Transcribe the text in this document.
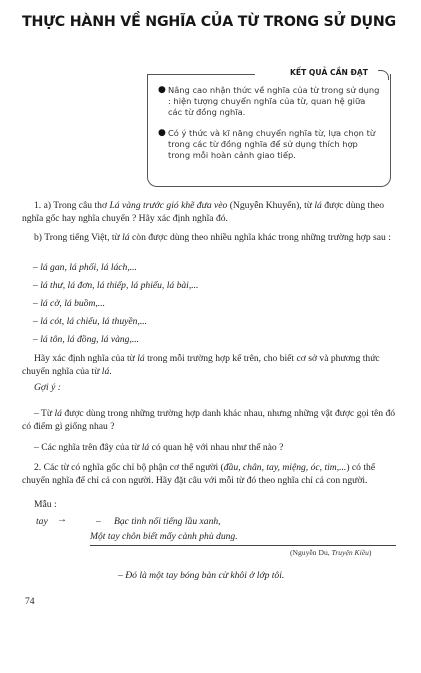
THỰC HÀNH VỀ NGHĨA CỦA TỪ TRONG SỬ DỤNG
KẾT QUẢ CẦN ĐẠT
● Nâng cao nhận thức về nghĩa của từ trong sử dụng : hiện tượng chuyển nghĩa của từ, quan hệ giữa các từ đồng nghĩa.
● Có ý thức và kĩ năng chuyển nghĩa từ, lựa chọn từ trong các từ đồng nghĩa để sử dụng thích hợp trong mỗi hoàn cảnh giao tiếp.
1. a) Trong câu thơ Lá vàng trước gió khẽ đưa vèo (Nguyễn Khuyến), từ lá được dùng theo nghĩa gốc hay nghĩa chuyển ? Hãy xác định nghĩa đó.
b) Trong tiếng Việt, từ lá còn được dùng theo nhiều nghĩa khác trong những trường hợp sau :
– lá gan, lá phổi, lá lách,...
– lá thư, lá đơn, lá thiếp, lá phiếu, lá bài,...
– lá cờ, lá buồm,...
– lá cót, lá chiếu, lá thuyền,...
– lá tôn, lá đồng, lá vàng,...
Hãy xác định nghĩa của từ lá trong mỗi trường hợp kể trên, cho biết cơ sở và phương thức chuyển nghĩa của từ lá.
Gợi ý :
– Từ lá được dùng trong những trường hợp danh khác nhau, nhưng những vật được gọi tên đó có điểm gì giống nhau ?
– Các nghĩa trên đây của từ lá có quan hệ với nhau như thế nào ?
2. Các từ có nghĩa gốc chỉ bộ phận cơ thể người (đầu, chân, tay, miệng, óc, tim,...) có thể chuyển nghĩa để chỉ cả con người. Hãy đặt câu với mỗi từ đó theo nghĩa chỉ cả con người.
Mẫu :
tay →	– Bạc tình nổi tiếng lầu xanh,
Một tay chôn biết mấy cành phù dung.
(Nguyễn Du, Truyện Kiều)
– Đó là một tay bóng bàn cừ khôi ở lớp tôi.
74
